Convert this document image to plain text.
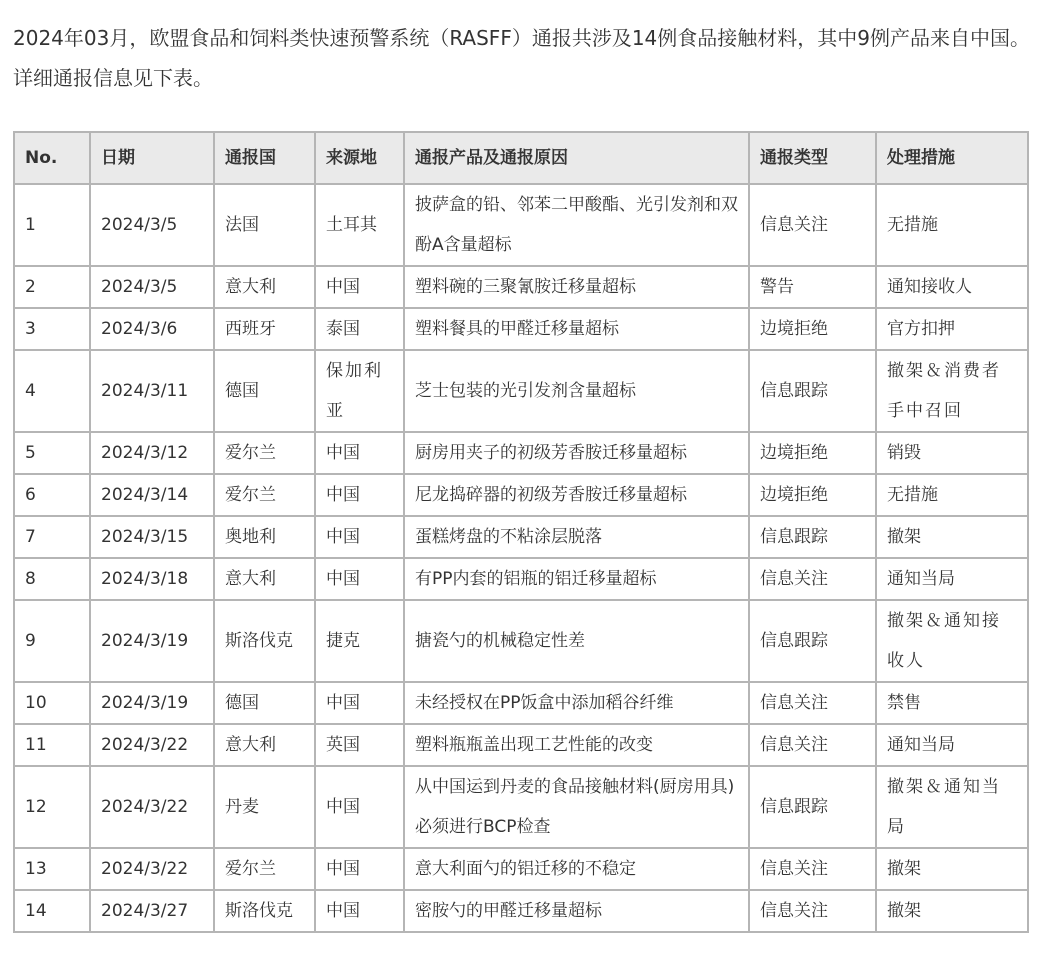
2024年03月，欧盟食品和饲料类快速预警系统（RASFF）通报共涉及14例食品接触材料，其中9例产品来自中国。详细通报信息见下表。

No.	日期	通报国	来源地	通报产品及通报原因	通报类型	处理措施
1	2024/3/5	法国	土耳其	披萨盒的铅、邻苯二甲酸酯、光引发剂和双酚A含量超标	信息关注	无措施
2	2024/3/5	意大利	中国	塑料碗的三聚氰胺迁移量超标	警告	通知接收人
3	2024/3/6	西班牙	泰国	塑料餐具的甲醛迁移量超标	边境拒绝	官方扣押
4	2024/3/11	德国	保加利亚	芝士包装的光引发剂含量超标	信息跟踪	撤架＆消费者手中召回
5	2024/3/12	爱尔兰	中国	厨房用夹子的初级芳香胺迁移量超标	边境拒绝	销毁
6	2024/3/14	爱尔兰	中国	尼龙捣碎器的初级芳香胺迁移量超标	边境拒绝	无措施
7	2024/3/15	奥地利	中国	蛋糕烤盘的不粘涂层脱落	信息跟踪	撤架
8	2024/3/18	意大利	中国	有PP内套的铝瓶的铝迁移量超标	信息关注	通知当局
9	2024/3/19	斯洛伐克	捷克	搪瓷勺的机械稳定性差	信息跟踪	撤架＆通知接收人
10	2024/3/19	德国	中国	未经授权在PP饭盒中添加稻谷纤维	信息关注	禁售
11	2024/3/22	意大利	英国	塑料瓶瓶盖出现工艺性能的改变	信息关注	通知当局
12	2024/3/22	丹麦	中国	从中国运到丹麦的食品接触材料(厨房用具)必须进行BCP检查	信息跟踪	撤架＆通知当局
13	2024/3/22	爱尔兰	中国	意大利面勺的铝迁移的不稳定	信息关注	撤架
14	2024/3/27	斯洛伐克	中国	密胺勺的甲醛迁移量超标	信息关注	撤架
